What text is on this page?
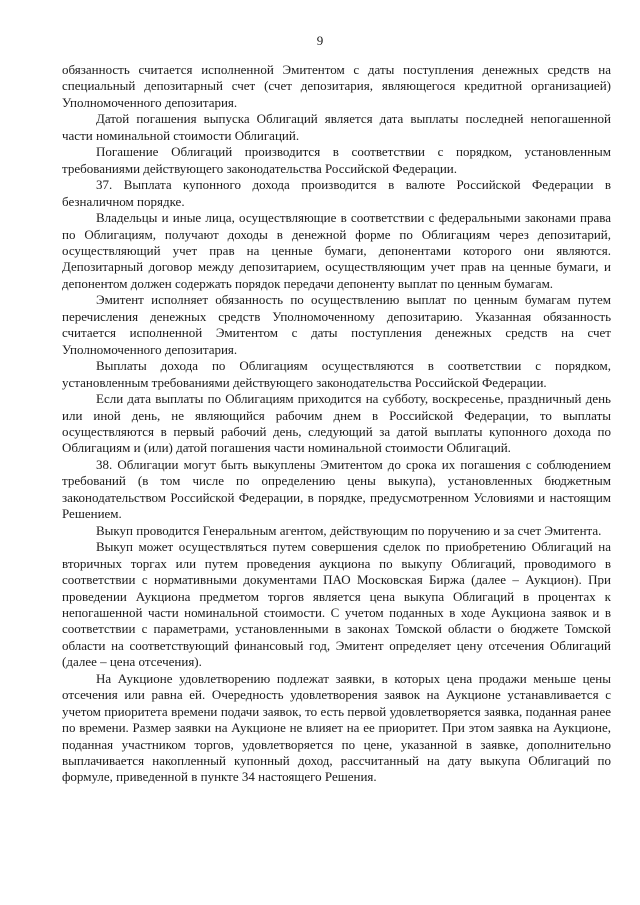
9

обязанность считается исполненной Эмитентом с даты поступления денежных средств на специальный депозитарный счет (счет депозитария, являющегося кредитной организацией) Уполномоченного депозитария.

Датой погашения выпуска Облигаций является дата выплаты последней непогашенной части номинальной стоимости Облигаций.

Погашение Облигаций производится в соответствии с порядком, установленным требованиями действующего законодательства Российской Федерации.

37. Выплата купонного дохода производится в валюте Российской Федерации в безналичном порядке.

Владельцы и иные лица, осуществляющие в соответствии с федеральными законами права по Облигациям, получают доходы в денежной форме по Облигациям через депозитарий, осуществляющий учет прав на ценные бумаги, депонентами которого они являются. Депозитарный договор между депозитарием, осуществляющим учет прав на ценные бумаги, и депонентом должен содержать порядок передачи депоненту выплат по ценным бумагам.

Эмитент исполняет обязанность по осуществлению выплат по ценным бумагам путем перечисления денежных средств Уполномоченному депозитарию. Указанная обязанность считается исполненной Эмитентом с даты поступления денежных средств на счет Уполномоченного депозитария.

Выплаты дохода по Облигациям осуществляются в соответствии с порядком, установленным требованиями действующего законодательства Российской Федерации.

Если дата выплаты по Облигациям приходится на субботу, воскресенье, праздничный день или иной день, не являющийся рабочим днем в Российской Федерации, то выплаты осуществляются в первый рабочий день, следующий за датой выплаты купонного дохода по Облигациям и (или) датой погашения части номинальной стоимости Облигаций.

38. Облигации могут быть выкуплены Эмитентом до срока их погашения с соблюдением требований (в том числе по определению цены выкупа), установленных бюджетным законодательством Российской Федерации, в порядке, предусмотренном Условиями и настоящим Решением.

Выкуп проводится Генеральным агентом, действующим по поручению и за счет Эмитента.

Выкуп может осуществляться путем совершения сделок по приобретению Облигаций на вторичных торгах или путем проведения аукциона по выкупу Облигаций, проводимого в соответствии с нормативными документами ПАО Московская Биржа (далее – Аукцион). При проведении Аукциона предметом торгов является цена выкупа Облигаций в процентах к непогашенной части номинальной стоимости. С учетом поданных в ходе Аукциона заявок и в соответствии с параметрами, установленными в законах Томской области о бюджете Томской области на соответствующий финансовый год, Эмитент определяет цену отсечения Облигаций (далее – цена отсечения).

На Аукционе удовлетворению подлежат заявки, в которых цена продажи меньше цены отсечения или равна ей. Очередность удовлетворения заявок на Аукционе устанавливается с учетом приоритета времени подачи заявок, то есть первой удовлетворяется заявка, поданная ранее по времени. Размер заявки на Аукционе не влияет на ее приоритет. При этом заявка на Аукционе, поданная участником торгов, удовлетворяется по цене, указанной в заявке, дополнительно выплачивается накопленный купонный доход, рассчитанный на дату выкупа Облигаций по формуле, приведенной в пункте 34 настоящего Решения.
